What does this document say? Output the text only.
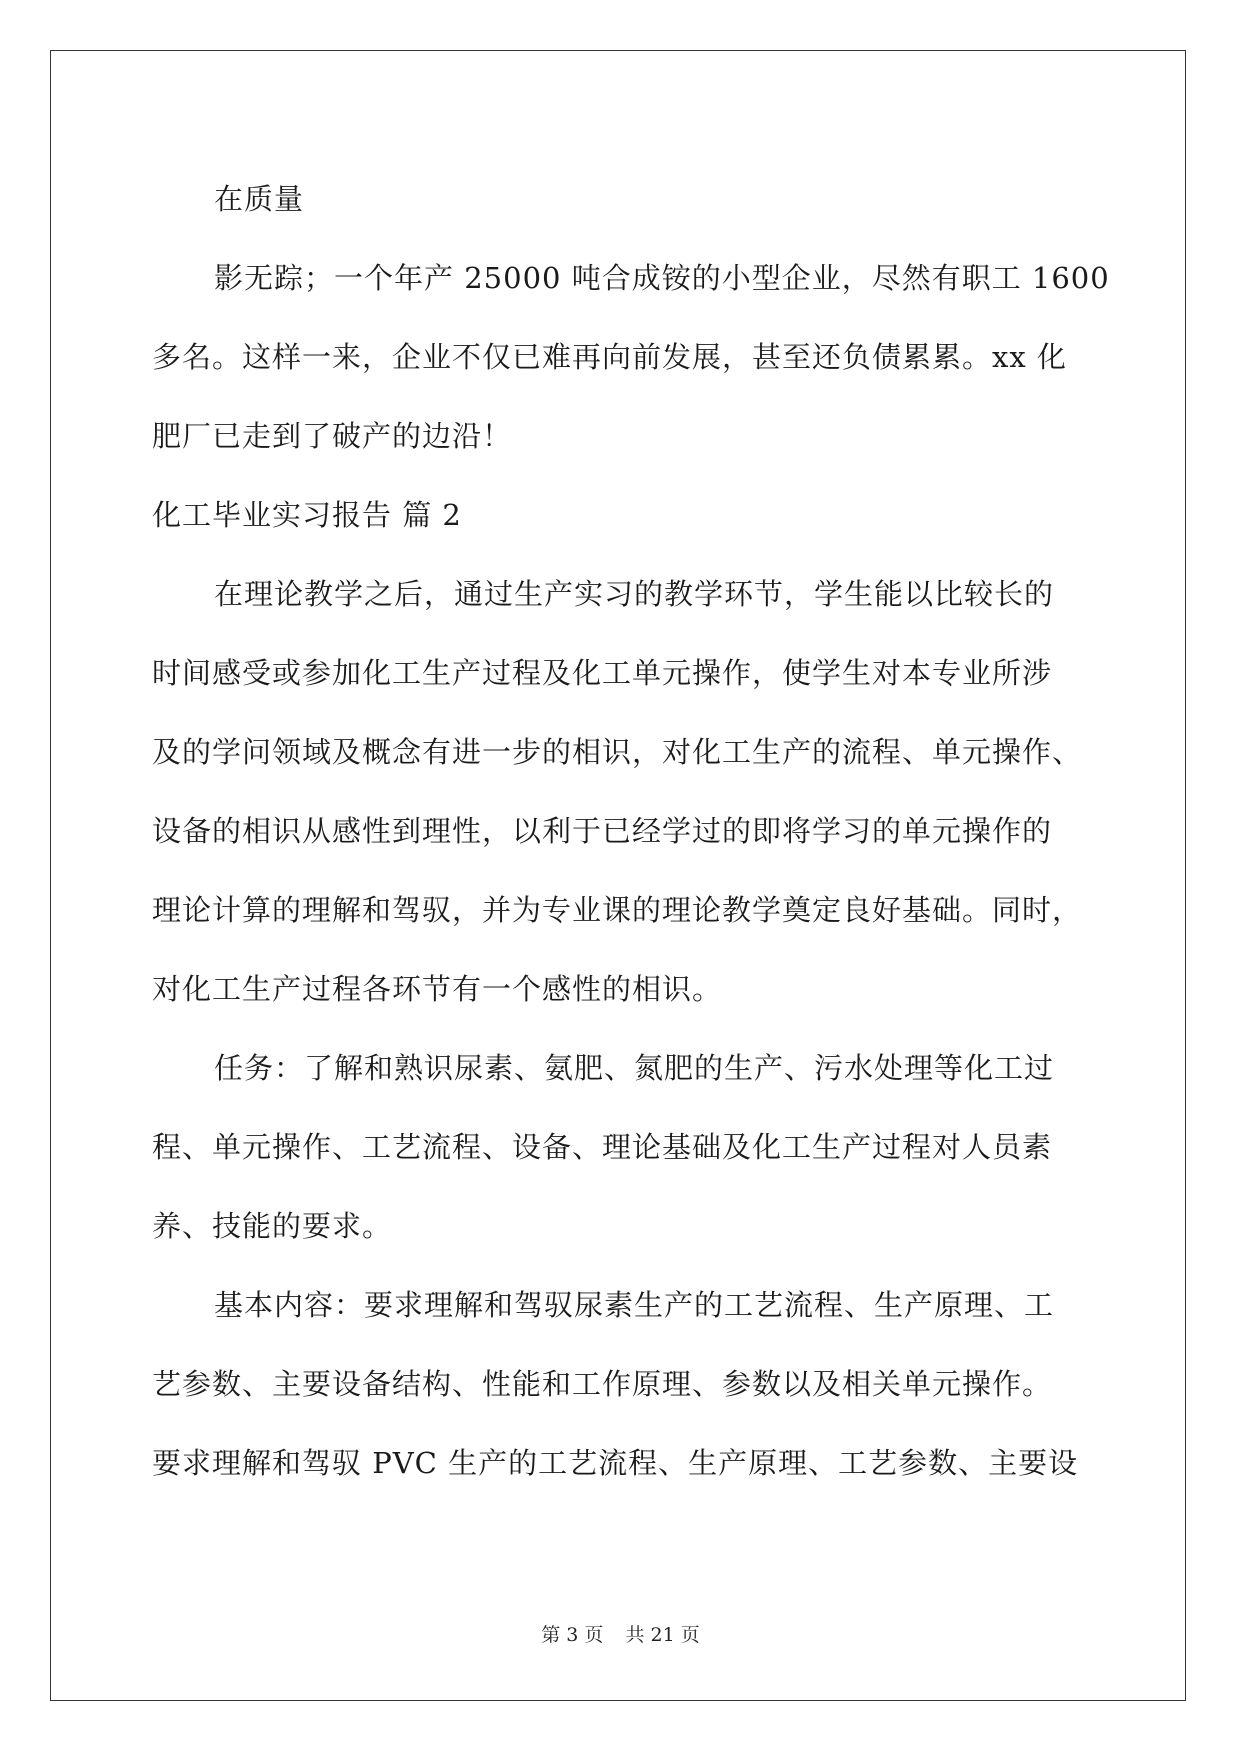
在质量
影无踪；一个年产 25000 吨合成铵的小型企业，尽然有职工 1600
多名。这样一来，企业不仅已难再向前发展，甚至还负债累累。xx 化
肥厂已走到了破产的边沿！
化工毕业实习报告 篇 2
在理论教学之后，通过生产实习的教学环节，学生能以比较长的
时间感受或参加化工生产过程及化工单元操作，使学生对本专业所涉
及的学问领域及概念有进一步的相识，对化工生产的流程、单元操作、
设备的相识从感性到理性，以利于已经学过的即将学习的单元操作的
理论计算的理解和驾驭，并为专业课的理论教学奠定良好基础。同时，
对化工生产过程各环节有一个感性的相识。
任务：了解和熟识尿素、氨肥、氮肥的生产、污水处理等化工过
程、单元操作、工艺流程、设备、理论基础及化工生产过程对人员素
养、技能的要求。
基本内容：要求理解和驾驭尿素生产的工艺流程、生产原理、工
艺参数、主要设备结构、性能和工作原理、参数以及相关单元操作。
要求理解和驾驭 PVC 生产的工艺流程、生产原理、工艺参数、主要设
第 3 页 共 21 页
